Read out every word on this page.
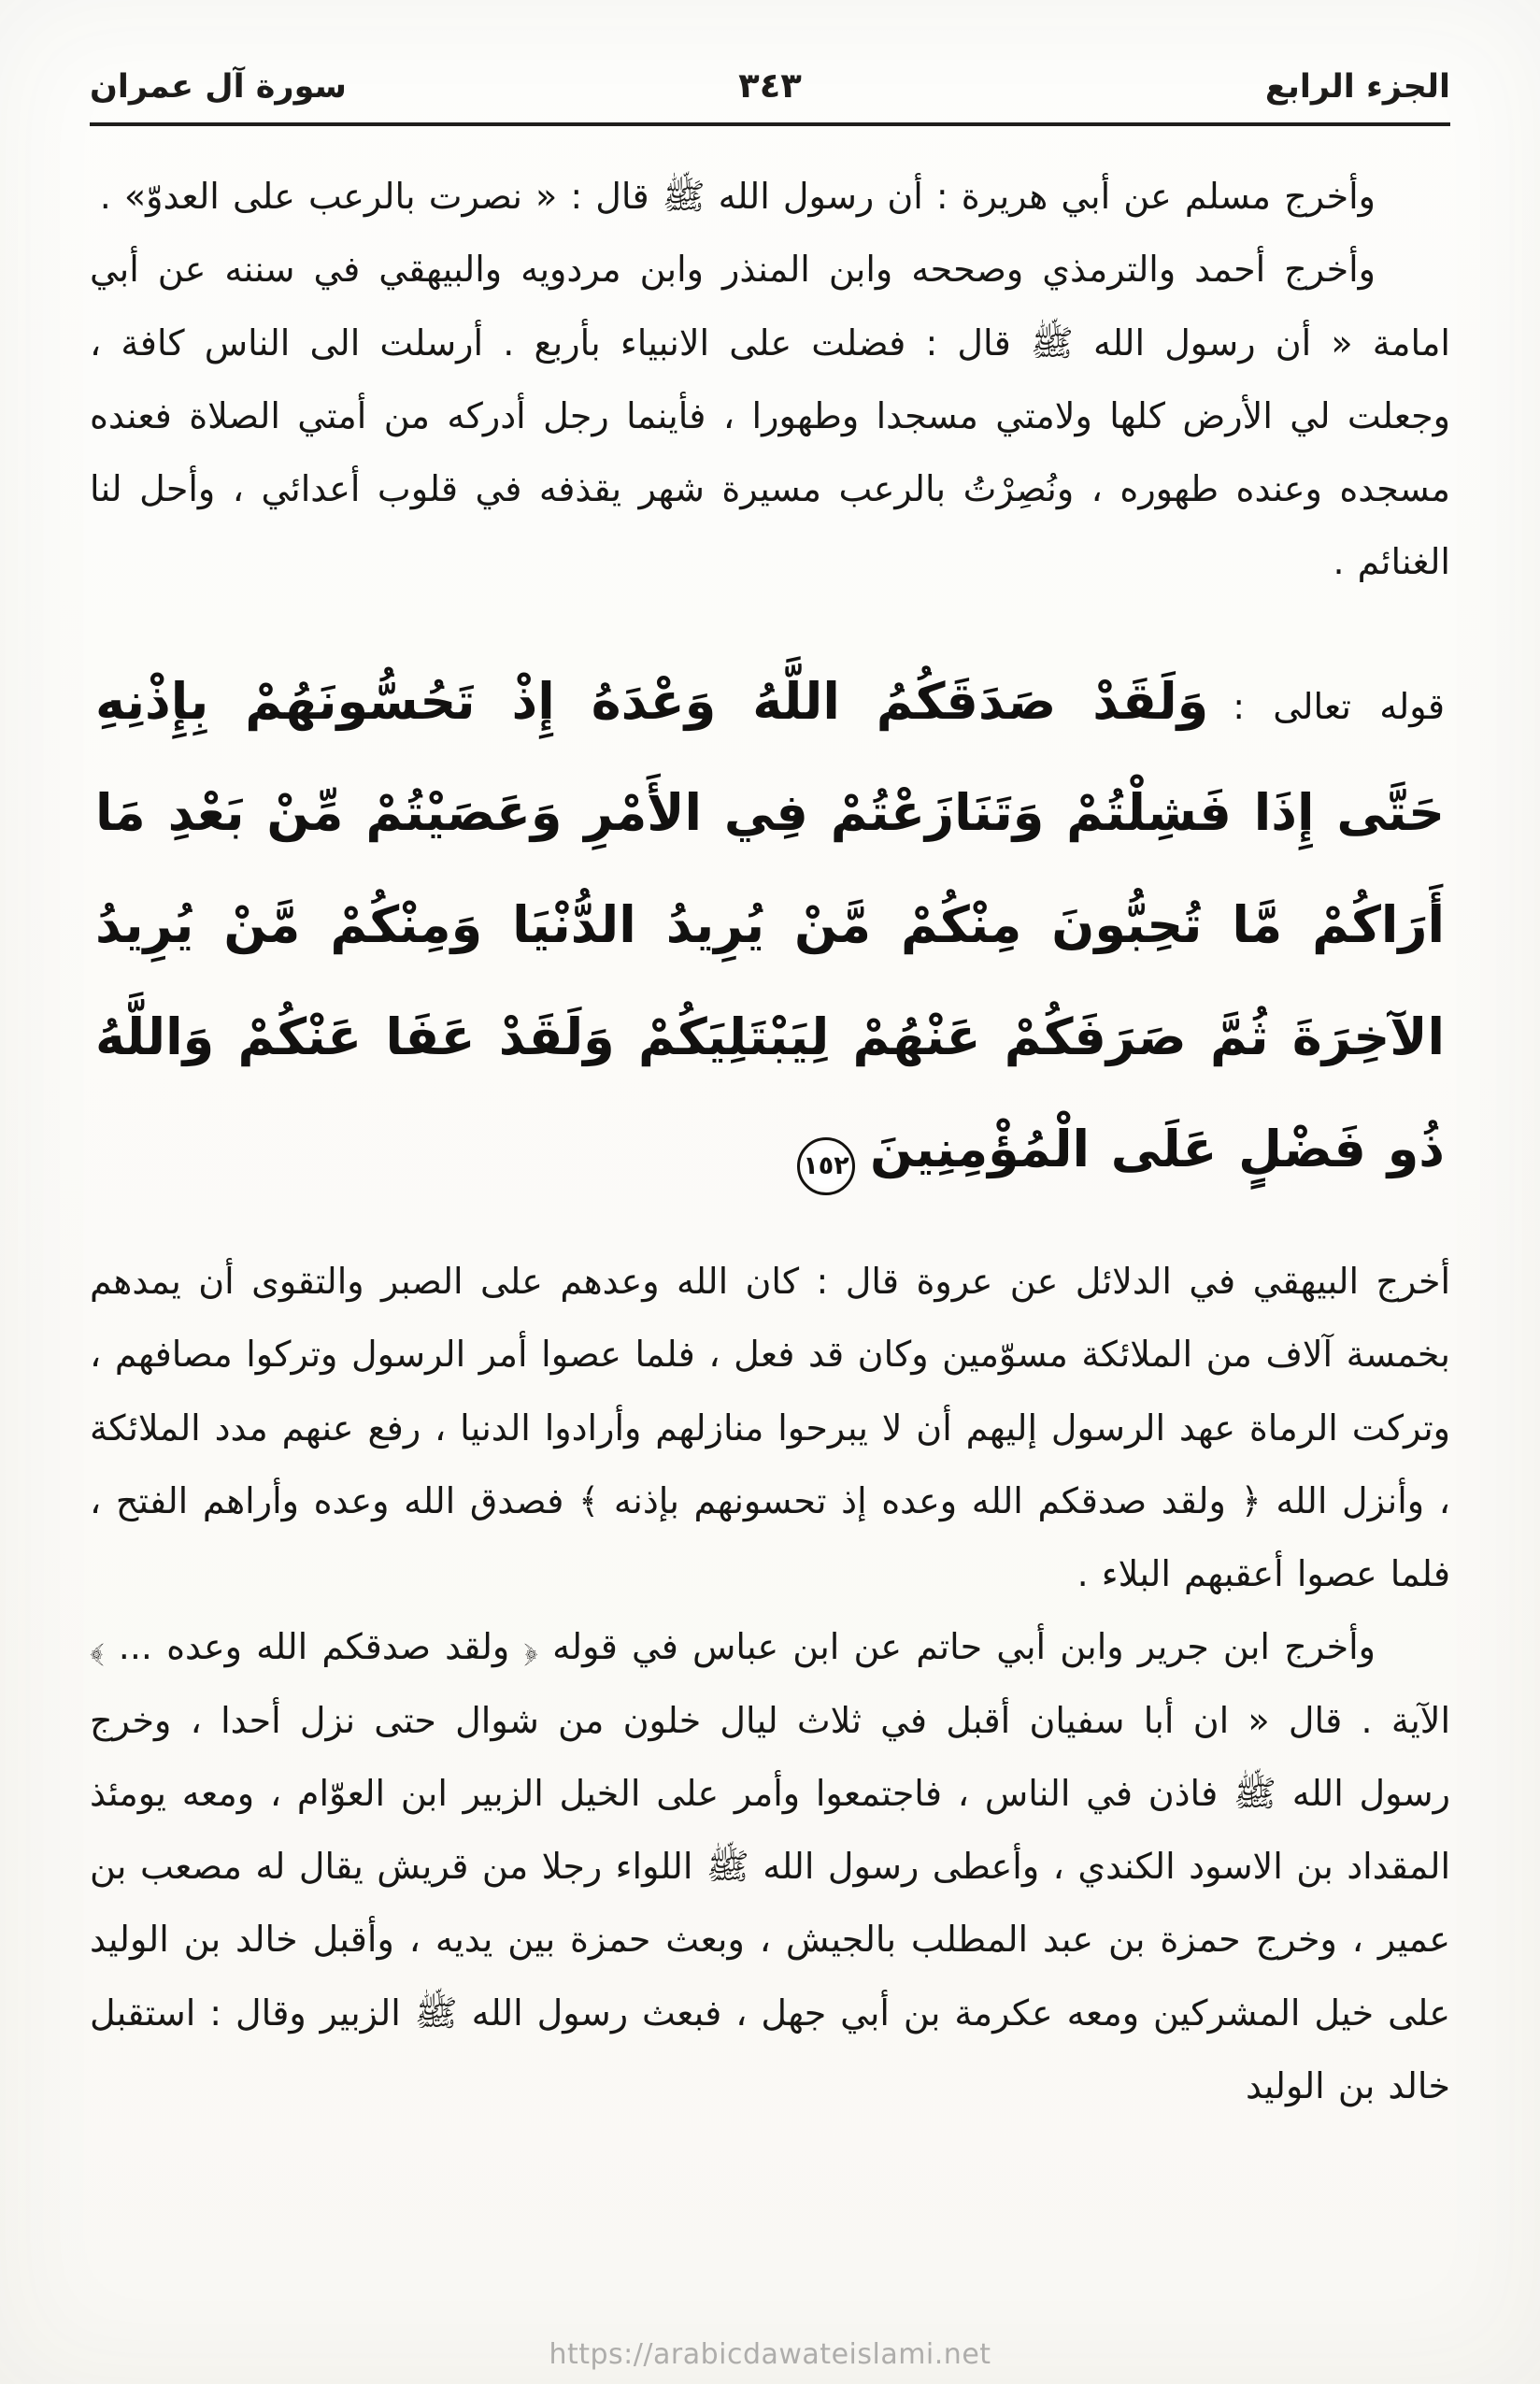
الجزء الرابع
٣٤٣
سورة آل عمران

وأخرج مسلم عن أبي هريرة : أن رسول الله ﷺ قال : « نصرت بالرعب على العدوّ» .

وأخرج أحمد والترمذي وصححه وابن المنذر وابن مردويه والبيهقي في سننه عن أبي امامة « أن رسول الله ﷺ قال : فضلت على الانبياء بأربع . أرسلت الى الناس كافة ، وجعلت لي الأرض كلها ولامتي مسجدا وطهورا ، فأينما رجل أدركه من أمتي الصلاة فعنده مسجده وعنده طهوره ، ونُصِرْتُ بالرعب مسيرة شهر يقذفه في قلوب أعدائي ، وأحل لنا الغنائم .

قوله تعالى :وَلَقَدْ صَدَقَكُمُ اللَّهُ وَعْدَهُ إِذْ تَحُسُّونَهُمْ بِإِذْنِهِ حَتَّى إِذَا فَشِلْتُمْ وَتَنَازَعْتُمْ فِي الأَمْرِ وَعَصَيْتُمْ مِّنْ بَعْدِ مَا أَرَاكُمْ مَّا تُحِبُّونَ مِنْكُمْ مَّنْ يُرِيدُ الدُّنْيَا وَمِنْكُمْ مَّنْ يُرِيدُ الآخِرَةَ ثُمَّ صَرَفَكُمْ عَنْهُمْ لِيَبْتَلِيَكُمْ وَلَقَدْ عَفَا عَنْكُمْ وَاللَّهُ ذُو فَضْلٍ عَلَى الْمُؤْمِنِينَ
١٥٢

أخرج البيهقي في الدلائل عن عروة قال : كان الله وعدهم على الصبر والتقوى أن يمدهم بخمسة آلاف من الملائكة مسوّمين وكان قد فعل ، فلما عصوا أمر الرسول وتركوا مصافهم ، وتركت الرماة عهد الرسول إليهم أن لا يبرحوا منازلهم وأرادوا الدنيا ، رفع عنهم مدد الملائكة ، وأنزل الله ﴿ ولقد صدقكم الله وعده إذ تحسونهم بإذنه ﴾ فصدق الله وعده وأراهم الفتح ، فلما عصوا أعقبهم البلاء .

وأخرج ابن جرير وابن أبي حاتم عن ابن عباس في قوله ﴿ ولقد صدقكم الله وعده ... ﴾ الآية . قال « ان أبا سفيان أقبل في ثلاث ليال خلون من شوال حتى نزل أحدا ، وخرج رسول الله ﷺ فاذن في الناس ، فاجتمعوا وأمر على الخيل الزبير ابن العوّام ، ومعه يومئذ المقداد بن الاسود الكندي ، وأعطى رسول الله ﷺ اللواء رجلا من قريش يقال له مصعب بن عمير ، وخرج حمزة بن عبد المطلب بالجيش ، وبعث حمزة بين يديه ، وأقبل خالد بن الوليد على خيل المشركين ومعه عكرمة بن أبي جهل ، فبعث رسول الله ﷺ الزبير وقال : استقبل خالد بن الوليد

https://arabicdawateislami.net
